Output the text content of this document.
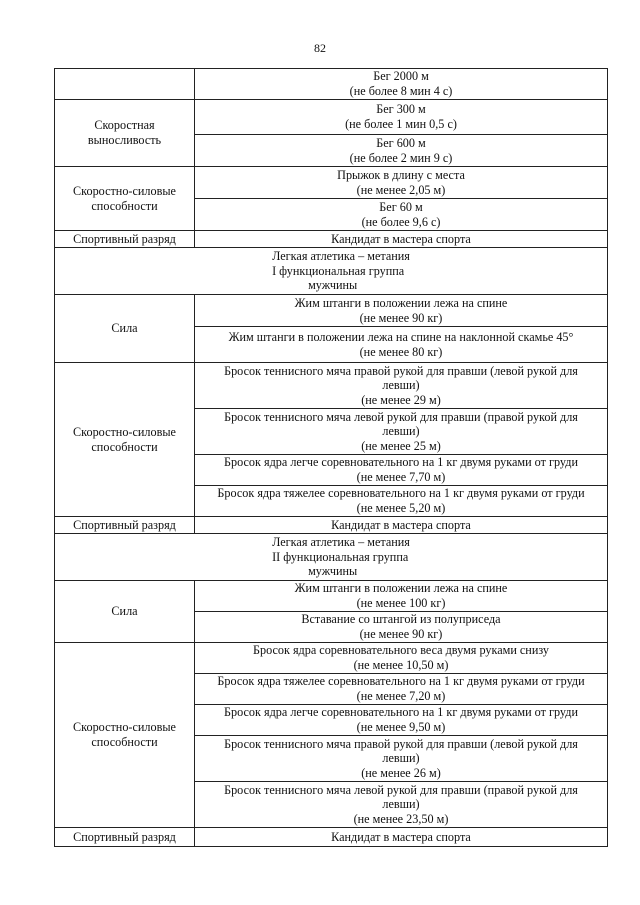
82

	Бег 2000 м
(не более 8 мин 4 с)

Скоростная
выносливость	Бег 300 м
(не более 1 мин 0,5 с)

	Бег 600 м
(не более 2 мин 9 с)

Скоростно-силовые
способности	Прыжок в длину с места
(не менее 2,05 м)

	Бег 60 м
(не более 9,6 с)

Спортивный разряд	Кандидат в мастера спорта

Легкая атлетика – метания
I функциональная группа
мужчины	

Сила	Жим штанги в положении лежа на спине
(не менее 90 кг)

	Жим штанги в положении лежа на спине на наклонной скамье 45°
(не менее 80 кг)

Скоростно-силовые
способности	Бросок теннисного мяча правой рукой для правши (левой рукой для
левши)
(не менее 29 м)

	Бросок теннисного мяча левой рукой для правши (правой рукой для
левши)
(не менее 25 м)

	Бросок ядра легче соревновательного на 1 кг двумя руками от груди
(не менее 7,70 м)

	Бросок ядра тяжелее соревновательного на 1 кг двумя руками от груди
(не менее 5,20 м)

Спортивный разряд	Кандидат в мастера спорта

Легкая атлетика – метания
II функциональная группа
мужчины	

Сила	Жим штанги в положении лежа на спине
(не менее 100 кг)

	Вставание со штангой из полуприседа
(не менее 90 кг)

Скоростно-силовые
способности	Бросок ядра соревновательного веса двумя руками снизу
(не менее 10,50 м)

	Бросок ядра тяжелее соревновательного на 1 кг двумя руками от груди
(не менее 7,20 м)

	Бросок ядра легче соревновательного на 1 кг двумя руками от груди
(не менее 9,50 м)

	Бросок теннисного мяча правой рукой для правши (левой рукой для
левши)
(не менее 26 м)

	Бросок теннисного мяча левой рукой для правши (правой рукой для
левши)
(не менее 23,50 м)

Спортивный разряд	Кандидат в мастера спорта
